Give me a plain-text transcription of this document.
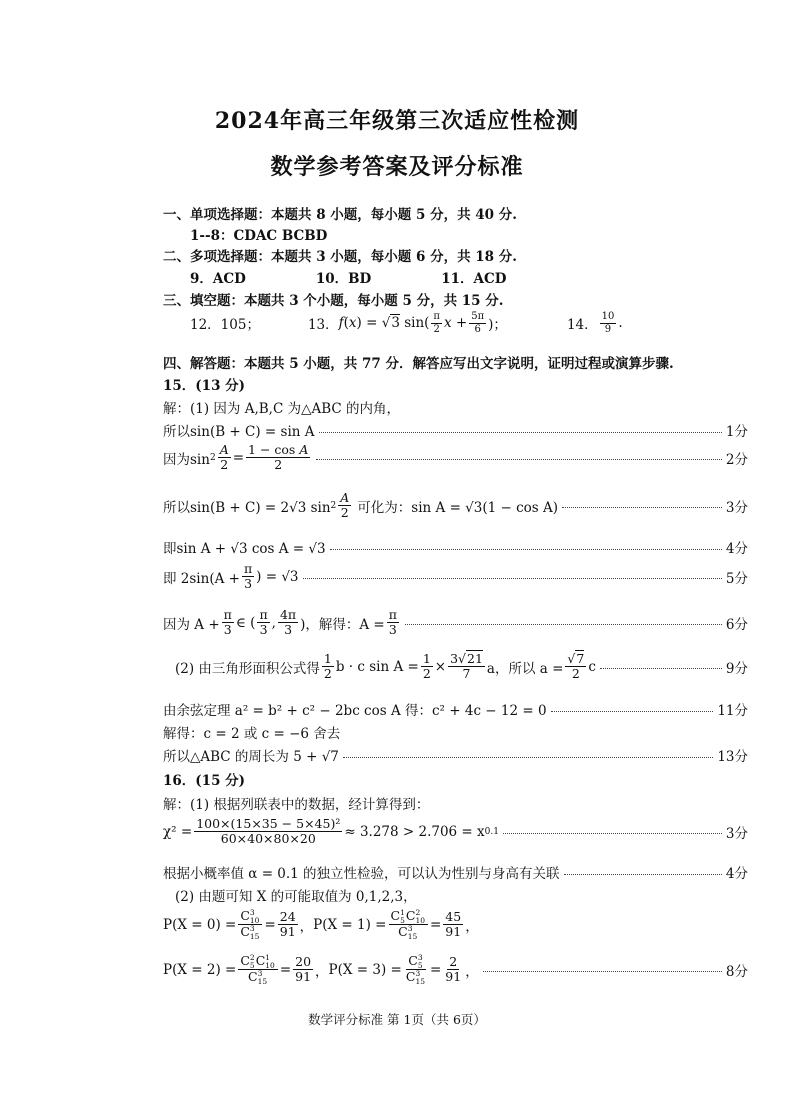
2024年高三年级第三次适应性检测
数学参考答案及评分标准
一、单项选择题：本题共 8 小题，每小题 5 分，共 40 分.
1--8：CDAC BCBD
二、多项选择题：本题共 3 小题，每小题 6 分，共 18 分.
9．ACD	10．BD	11．ACD
三、填空题：本题共 3 个小题，每小题 5 分，共 15 分.
12．105；	13． f(x) = √3 $\sin( \frac{\pi}{2}$ $x + \frac{5\pi}{6}$ )；	14． $\frac{10}{9}$ .
四、解答题：本题共 5 小题，共 77 分．解答应写出文字说明，证明过程或演算步骤.
15．(13 分)
解：(1) 因为 A,B,C 为△ABC 的内角，
所以sin(B + C) = sin A	1分
因为$\sin 2 \frac{A}{2} = \frac{\text{1 − cos A}}{2}$	2分
所以sin(B + C) = 2√3 $\sin 2 \frac{A}{2}$ 可化为：sin A = √3(1 − cos A)	3分
即sin A + √3 cos A = √3	4分
即 $2\sin(A + \frac{\pi}{3}$ ) = √3	5分
因为 $A + \frac{\pi}{3}$ ∈ ( $\frac{\pi}{3}$ , $\frac{4\pi}{3}$ )，解得：$A = \frac{\pi}{3}$	6分
(2) 由三角形面积公式得 $\frac{1}{2}$ b · c $\sin A = \frac{1}{2} \times \frac{3√21}{7}$ a，所以 $a = \frac{√7}{2}$ c	9分
由余弦定理 a² = b² + c² − 2bc cos A 得：c² + 4c − 12 = 0	11分
解得：c = 2 或 c = −6 舍去
所以△ABC 的周长为 5 + √7	13分
16．(15 分)
解：(1) 根据列联表中的数据，经计算得到：
$\chi^2 = \frac{\text{100×(15×35 − 5×45)²}}{60\times 40\times 80\times 20} \approx 3.278 > 2.706 = x$ 0.1	3分
根据小概率值 α = 0.1 的独立性检验，可以认为性别与身高有关联	4分
(2) 由题可知 X 的可能取值为 0,1,2,3，
P(X = 0) = C 3
10
C 3
$15 = \frac{24}{91}$ ， P(X = 1) = C 1
5 C 2
10
C 3
$15 = \frac{45}{91}$ ，
P(X = 2) = C 2
5 C 1
10
C 3
$15 = \frac{20}{91}$ ， P(X = 3) = C 3
5
C 3
$15 = \frac{2}{91}$ ，	8分
数学评分标准 第 1页（共 6页）
